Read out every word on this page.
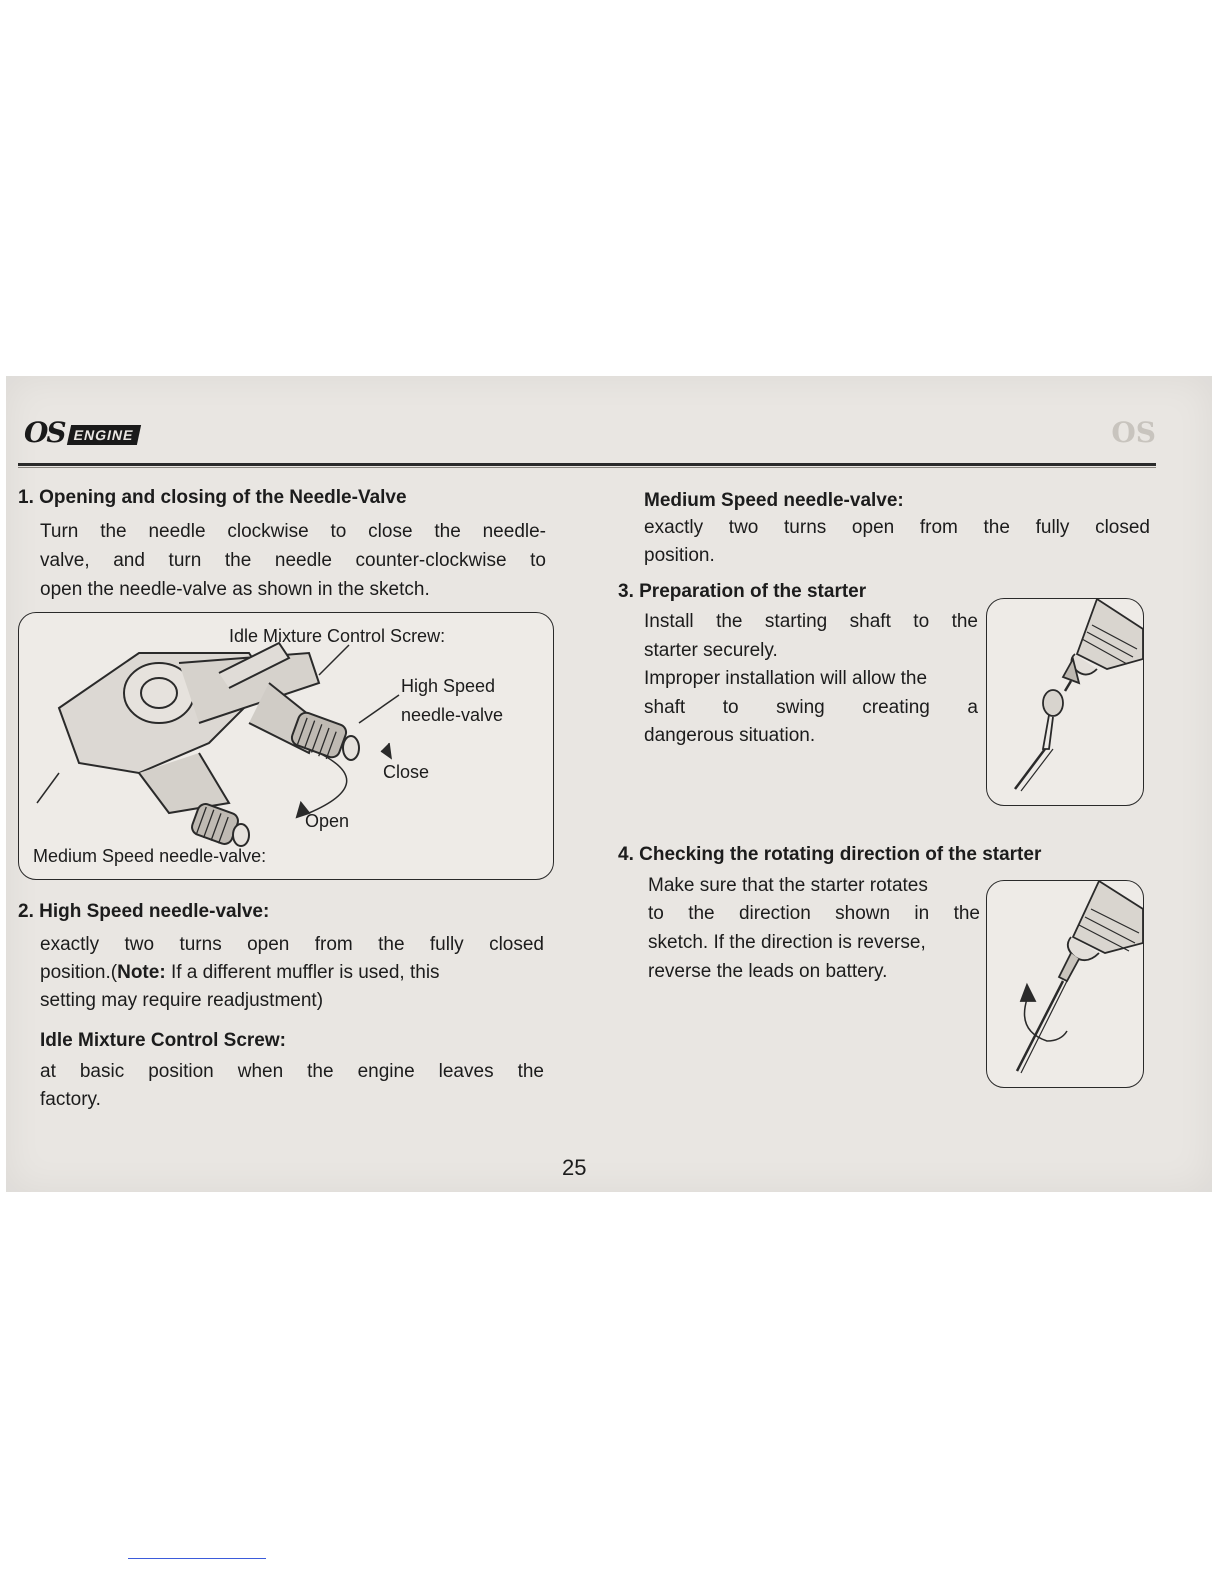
OS ENGINE	OS
1. Opening and closing of the Needle-Valve
Turn the needle clockwise to close the needle-
valve, and turn the needle counter-clockwise to
open the needle-valve as shown in the sketch.
Idle Mixture Control Screw:
High Speed
needle-valve
Close
Open
Medium Speed needle-valve:
2. High Speed needle-valve:
exactly two turns open from the fully closed
position.(Note: If a different muffler is used, this
setting may require readjustment)
Idle Mixture Control Screw:
at basic position when the engine leaves the
factory.
Medium Speed needle-valve:
exactly two turns open from the fully closed
position.
3. Preparation of the starter
Install the starting shaft to the
starter securely.
Improper installation will allow the
shaft to swing creating a
dangerous situation.
4. Checking the rotating direction of the starter
Make sure that the starter rotates
to the direction shown in the
sketch. If the direction is reverse,
reverse the leads on battery.
25
